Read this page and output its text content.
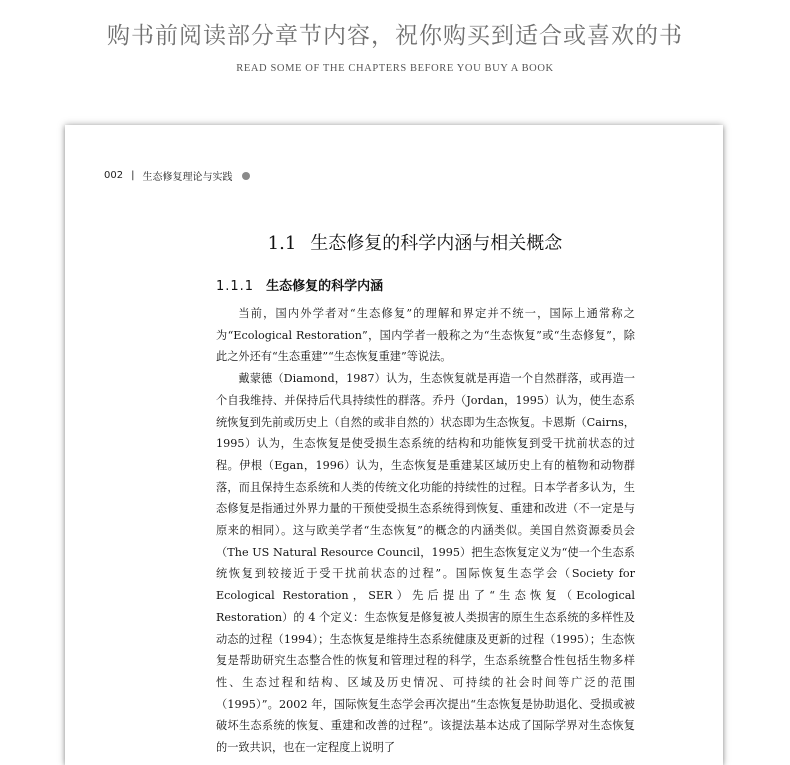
购书前阅读部分章节内容，祝你购买到适合或喜欢的书
READ SOME OF THE CHAPTERS BEFORE YOU BUY A BOOK
002 | 生态修复理论与实践
1.1 生态修复的科学内涵与相关概念
1.1.1 生态修复的科学内涵

当前，国内外学者对“生态修复”的理解和界定并不统一，国际上通常称之为“Ecological Restoration”，国内学者一般称之为“生态恢复”或“生态修复”，除此之外还有“生态重建”“生态恢复重建”等说法。

戴蒙德（Diamond，1987）认为，生态恢复就是再造一个自然群落，或再造一个自我维持、并保持后代具持续性的群落。乔丹（Jordan，1995）认为，使生态系统恢复到先前或历史上（自然的或非自然的）状态即为生态恢复。卡恩斯（Cairns，1995）认为，生态恢复是使受损生态系统的结构和功能恢复到受干扰前状态的过程。伊根（Egan，1996）认为，生态恢复是重建某区域历史上有的植物和动物群落，而且保持生态系统和人类的传统文化功能的持续性的过程。日本学者多认为，生态修复是指通过外界力量的干预使受损生态系统得到恢复、重建和改进（不一定是与原来的相同）。这与欧美学者“生态恢复”的概念的内涵类似。美国自然资源委员会（The US Natural Resource Council，1995）把生态恢复定义为“使一个生态系统恢复到较接近于受干扰前状态的过程”。国际恢复生态学会（Society for Ecological Restoration，SER）先后提出了“生态恢复（Ecological Restoration）的 4 个定义：生态恢复是修复被人类损害的原生生态系统的多样性及动态的过程（1994）；生态恢复是维持生态系统健康及更新的过程（1995）；生态恢复是帮助研究生态整合性的恢复和管理过程的科学，生态系统整合性包括生物多样性、生态过程和结构、区域及历史情况、可持续的社会时间等广泛的范围（1995）”。2002 年，国际恢复生态学会再次提出“生态恢复是协助退化、受损或被破坏生态系统的恢复、重建和改善的过程”。该提法基本达成了国际学界对生态恢复的一致共识，也在一定程度上说明了
